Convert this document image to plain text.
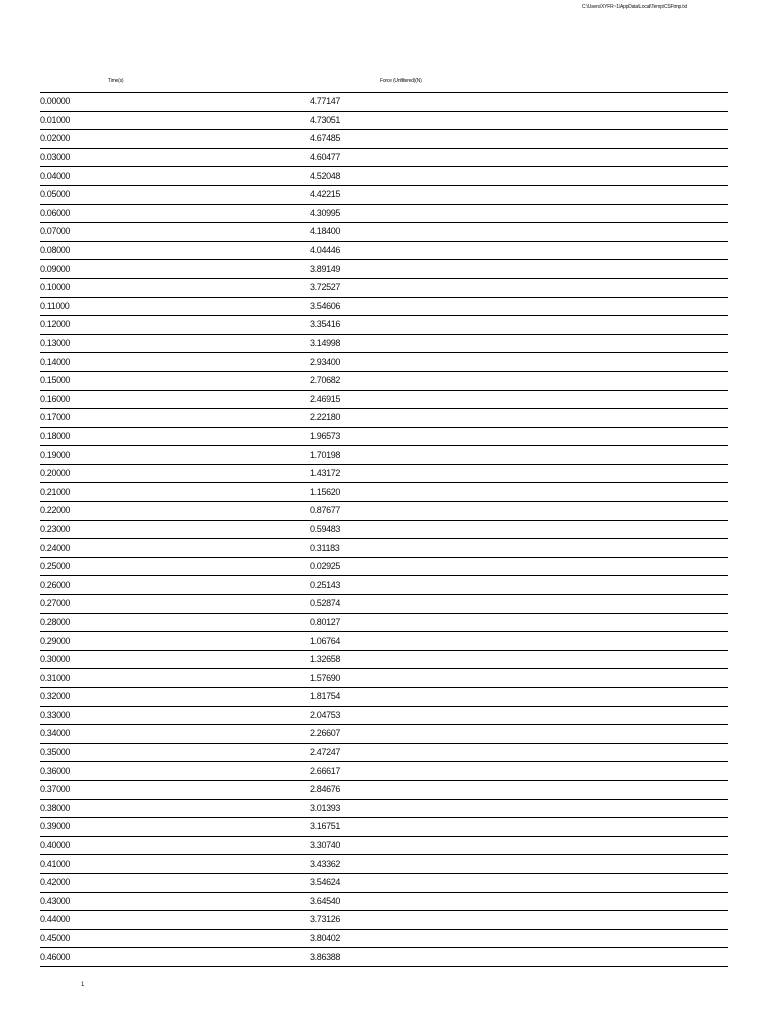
C:\Users\XYFR~1\AppData\Local\Temp\CSFtmp.txt
Time(s)	Force (Unfiltered)(N)
0.00000	4.77147
0.01000	4.73051
0.02000	4.67485
0.03000	4.60477
0.04000	4.52048
0.05000	4.42215
0.06000	4.30995
0.07000	4.18400
0.08000	4.04446
0.09000	3.89149
0.10000	3.72527
0.11000	3.54606
0.12000	3.35416
0.13000	3.14998
0.14000	2.93400
0.15000	2.70682
0.16000	2.46915
0.17000	2.22180
0.18000	1.96573
0.19000	1.70198
0.20000	1.43172
0.21000	1.15620
0.22000	0.87677
0.23000	0.59483
0.24000	0.31183
0.25000	0.02925
0.26000	0.25143
0.27000	0.52874
0.28000	0.80127
0.29000	1.06764
0.30000	1.32658
0.31000	1.57690
0.32000	1.81754
0.33000	2.04753
0.34000	2.26607
0.35000	2.47247
0.36000	2.66617
0.37000	2.84676
0.38000	3.01393
0.39000	3.16751
0.40000	3.30740
0.41000	3.43362
0.42000	3.54624
0.43000	3.64540
0.44000	3.73126
0.45000	3.80402
0.46000	3.86388
1
